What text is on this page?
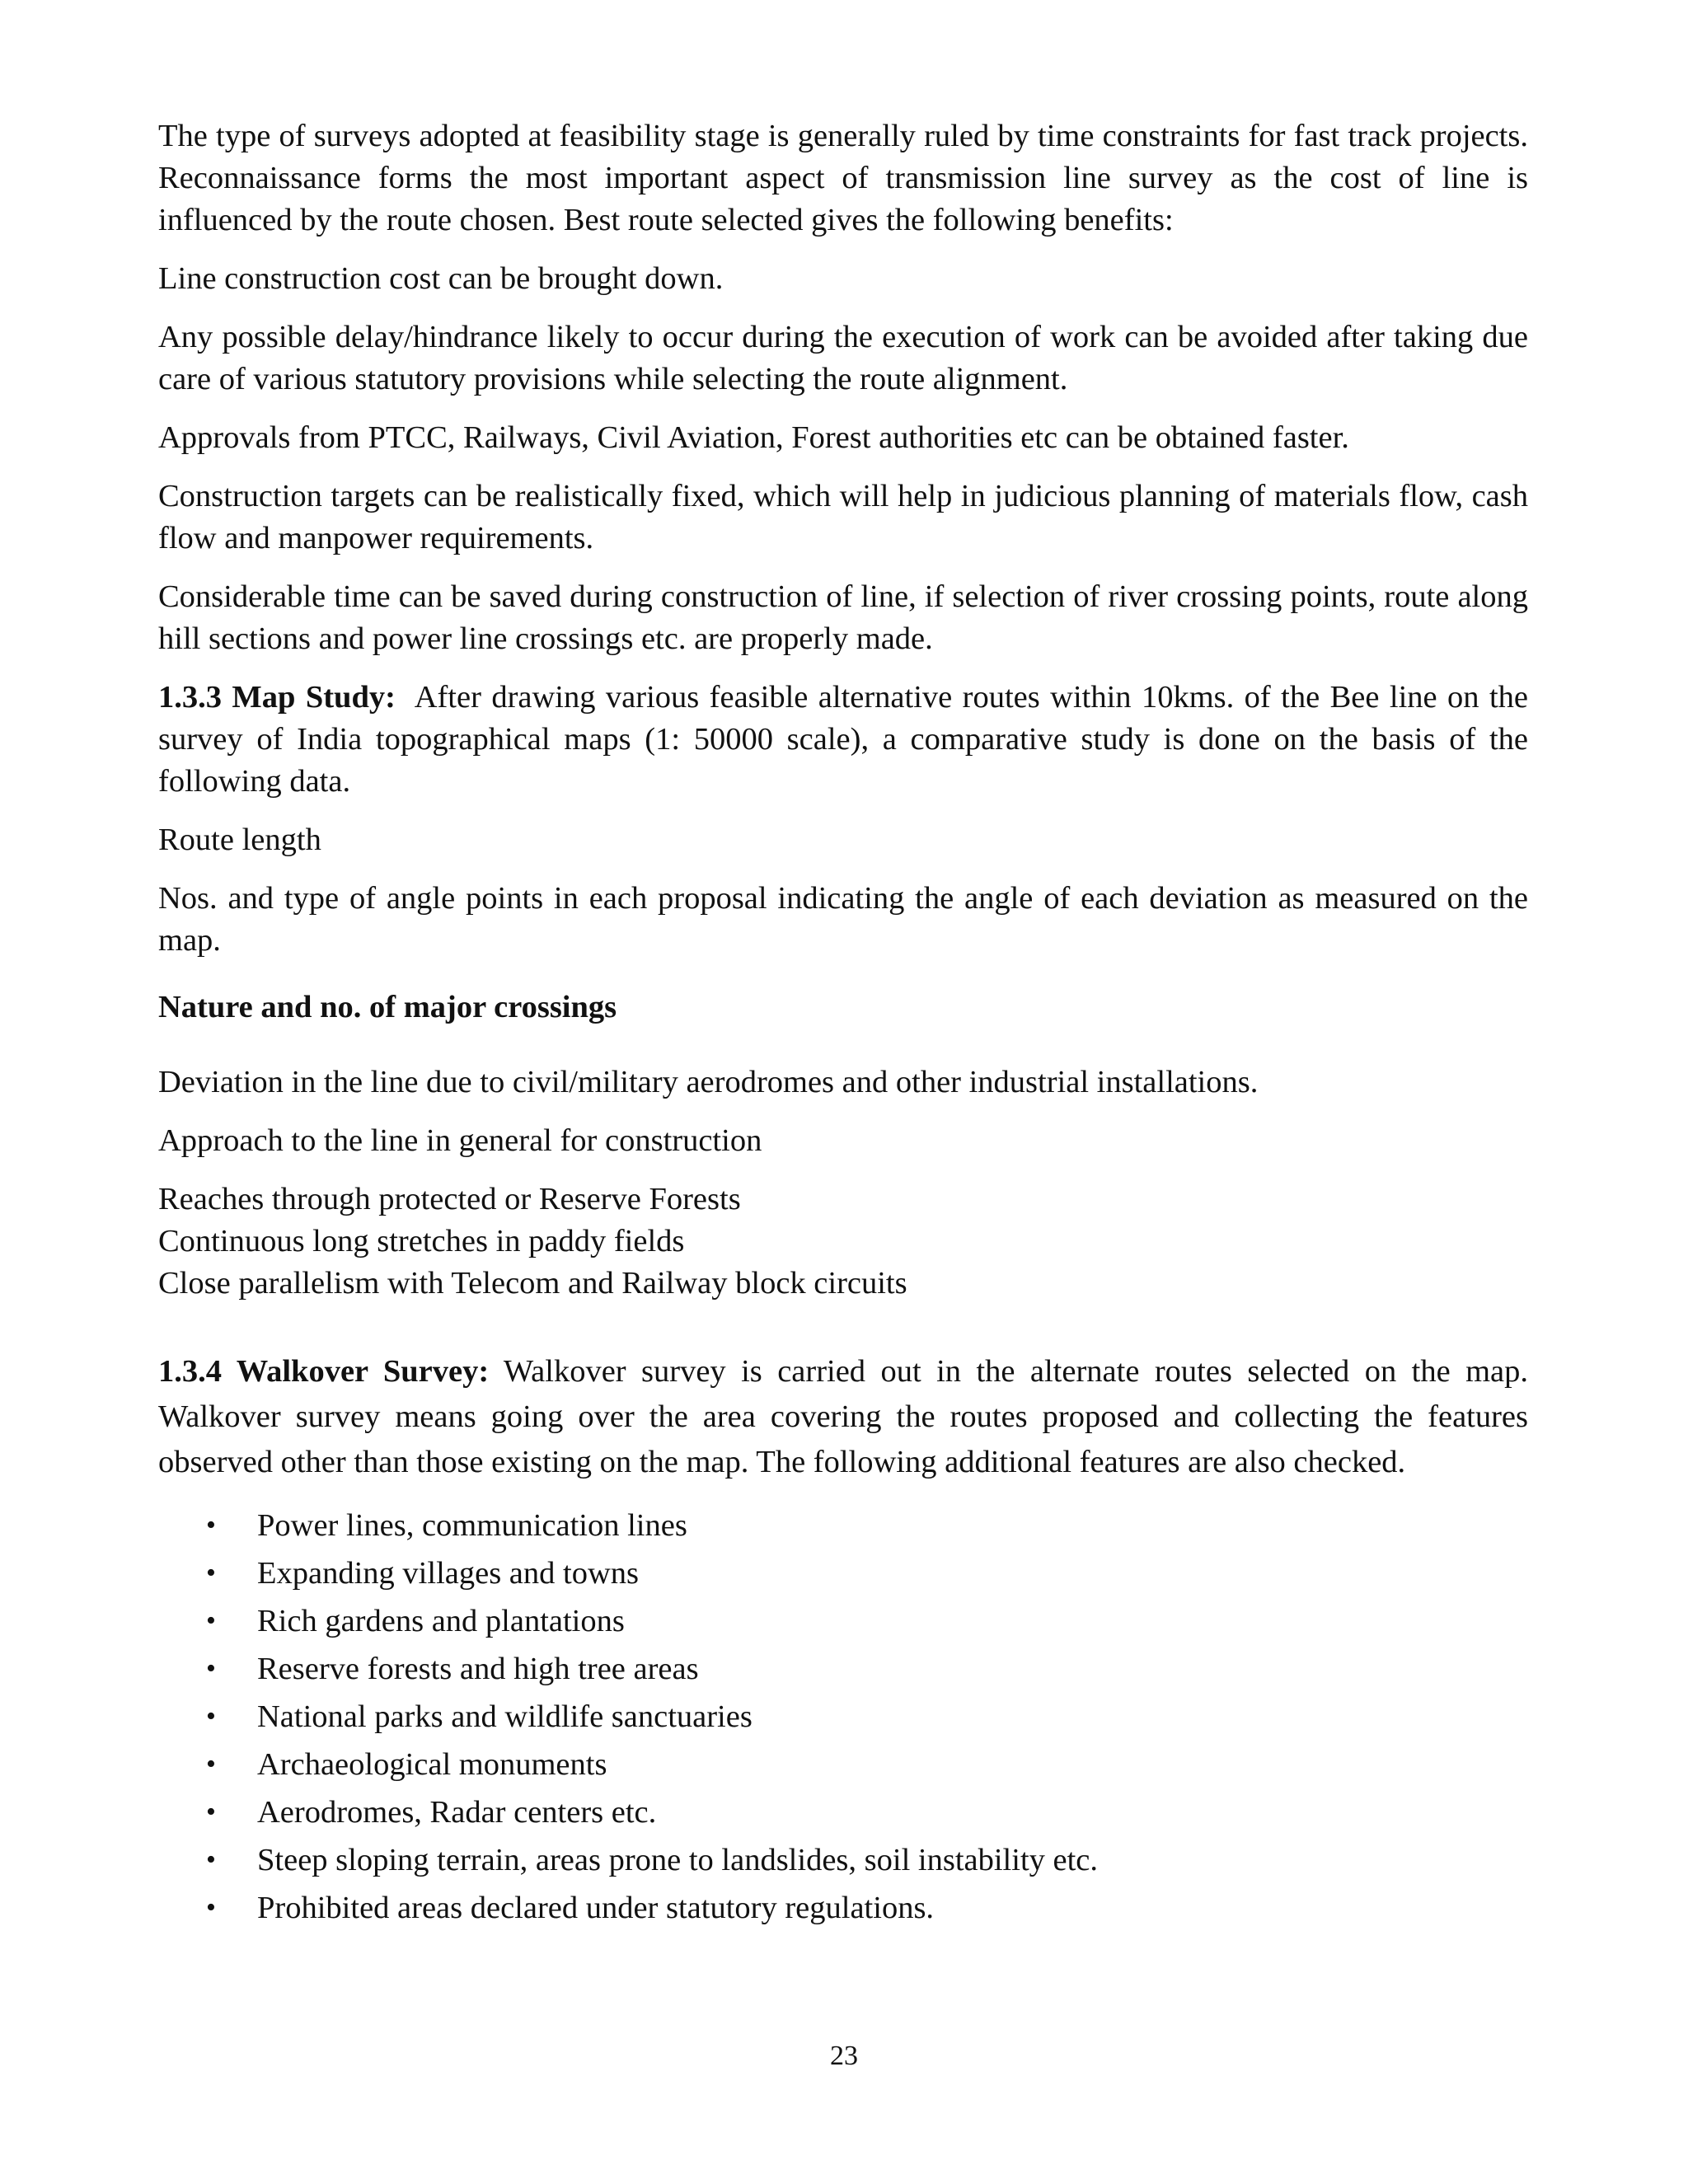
The type of surveys adopted at feasibility stage is generally ruled by time constraints for fast track projects. Reconnaissance forms the most important aspect of transmission line survey as the cost of line is influenced by the route chosen. Best route selected gives the following benefits:

Line construction cost can be brought down.

Any possible delay/hindrance likely to occur during the execution of work can be avoided after taking due care of various statutory provisions while selecting the route alignment.

Approvals from PTCC, Railways, Civil Aviation, Forest authorities etc can be obtained faster.

Construction targets can be realistically fixed, which will help in judicious planning of materials flow, cash flow and manpower requirements.

Considerable time can be saved during construction of line, if selection of river crossing points, route along hill sections and power line crossings etc. are properly made.

1.3.3 Map Study: After drawing various feasible alternative routes within 10kms. of the Bee line on the survey of India topographical maps (1: 50000 scale), a comparative study is done on the basis of the following data.

Route length

Nos. and type of angle points in each proposal indicating the angle of each deviation as measured on the map.

Nature and no. of major crossings

Deviation in the line due to civil/military aerodromes and other industrial installations.

Approach to the line in general for construction

Reaches through protected or Reserve Forests

Continuous long stretches in paddy fields

Close parallelism with Telecom and Railway block circuits

1.3.4 Walkover Survey: Walkover survey is carried out in the alternate routes selected on the map. Walkover survey means going over the area covering the routes proposed and collecting the features observed other than those existing on the map. The following additional features are also checked.

• Power lines, communication lines
• Expanding villages and towns
• Rich gardens and plantations
• Reserve forests and high tree areas
• National parks and wildlife sanctuaries
• Archaeological monuments
• Aerodromes, Radar centers etc.
• Steep sloping terrain, areas prone to landslides, soil instability etc.
• Prohibited areas declared under statutory regulations.
23
